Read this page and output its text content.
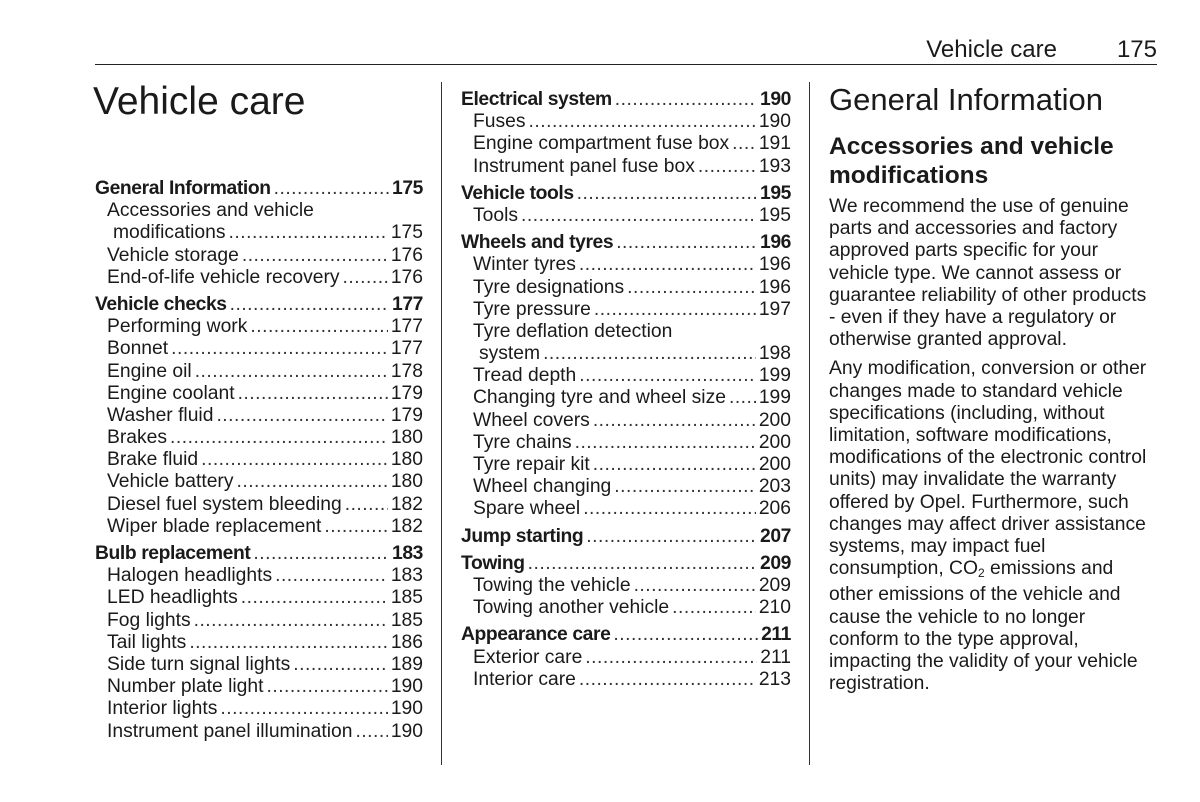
Vehicle care 175
Vehicle care
General Information .....	175
Accessories and vehicle
modifications .....	175
Vehicle storage .....	176
End-of-life vehicle recovery .....	176
Vehicle checks .....	177
Performing work .....	177
Bonnet .....	177
Engine oil .....	178
Engine coolant .....	179
Washer fluid .....	179
Brakes .....	180
Brake fluid .....	180
Vehicle battery .....	180
Diesel fuel system bleeding .....	182
Wiper blade replacement .....	182
Bulb replacement .....	183
Halogen headlights .....	183
LED headlights .....	185
Fog lights .....	185
Tail lights .....	186
Side turn signal lights .....	189
Number plate light .....	190
Interior lights .....	190
Instrument panel illumination ..... 190
Electrical system .....	190
Fuses .....	190
Engine compartment fuse box ..... 191
Instrument panel fuse box .....	193
Vehicle tools .....	195
Tools .....	195
Wheels and tyres .....	196
Winter tyres .....	196
Tyre designations .....	196
Tyre pressure .....	197
Tyre deflation detection
system .....	198
Tread depth .....	199
Changing tyre and wheel size ..... 199
Wheel covers .....	200
Tyre chains .....	200
Tyre repair kit .....	200
Wheel changing .....	203
Spare wheel .....	206
Jump starting .....	207
Towing .....	209
Towing the vehicle .....	209
Towing another vehicle .....	210
Appearance care .....	211
Exterior care .....	211
Interior care .....	213
General Information
Accessories and vehicle
modifications
We recommend the use of genuine
parts and accessories and factory
approved parts specific for your
vehicle type. We cannot assess or
guarantee reliability of other products
- even if they have a regulatory or
otherwise granted approval.
Any modification, conversion or other
changes made to standard vehicle
specifications (including, without
limitation, software modifications,
modifications of the electronic control
units) may invalidate the warranty
offered by Opel. Furthermore, such
changes may affect driver assistance
systems, may impact fuel
consumption, $CO_2$ emissions and
other emissions of the vehicle and
cause the vehicle to no longer
conform to the type approval,
impacting the validity of your vehicle
registration.
